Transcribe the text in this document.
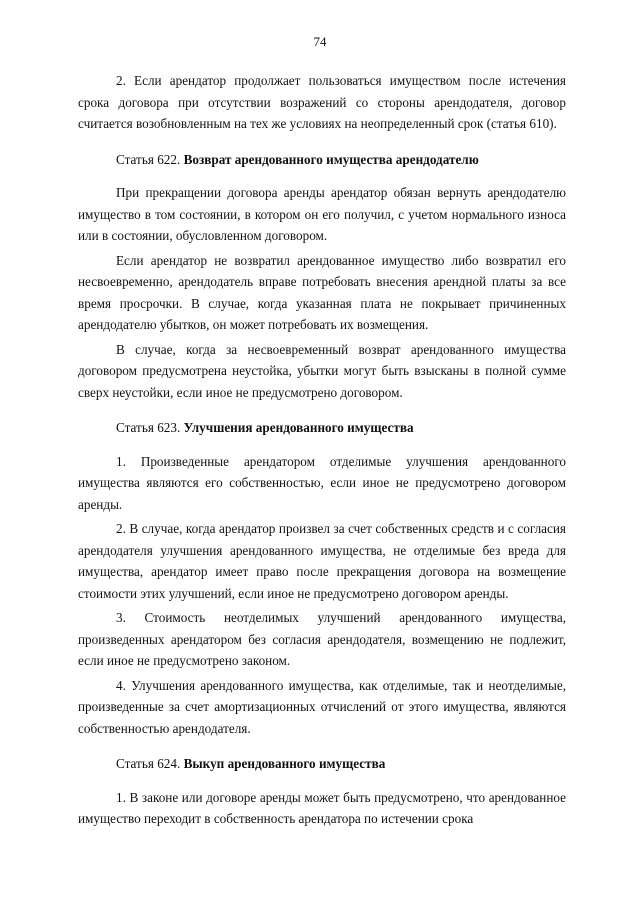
74

2. Если арендатор продолжает пользоваться имуществом после истечения срока договора при отсутствии возражений со стороны арендодателя, договор считается возобновленным на тех же условиях на неопределенный срок (статья 610).

Статья 622. Возврат арендованного имущества арендодателю

При прекращении договора аренды арендатор обязан вернуть арендодателю имущество в том состоянии, в котором он его получил, с учетом нормального износа или в состоянии, обусловленном договором.

Если арендатор не возвратил арендованное имущество либо возвратил его несвоевременно, арендодатель вправе потребовать внесения арендной платы за все время просрочки. В случае, когда указанная плата не покрывает причиненных арендодателю убытков, он может потребовать их возмещения.

В случае, когда за несвоевременный возврат арендованного имущества договором предусмотрена неустойка, убытки могут быть взысканы в полной сумме сверх неустойки, если иное не предусмотрено договором.

Статья 623. Улучшения арендованного имущества

1. Произведенные арендатором отделимые улучшения арендованного имущества являются его собственностью, если иное не предусмотрено договором аренды.

2. В случае, когда арендатор произвел за счет собственных средств и с согласия арендодателя улучшения арендованного имущества, не отделимые без вреда для имущества, арендатор имеет право после прекращения договора на возмещение стоимости этих улучшений, если иное не предусмотрено договором аренды.

3. Стоимость неотделимых улучшений арендованного имущества, произведенных арендатором без согласия арендодателя, возмещению не подлежит, если иное не предусмотрено законом.

4. Улучшения арендованного имущества, как отделимые, так и неотделимые, произведенные за счет амортизационных отчислений от этого имущества, являются собственностью арендодателя.

Статья 624. Выкуп арендованного имущества

1. В законе или договоре аренды может быть предусмотрено, что арендованное имущество переходит в собственность арендатора по истечении срока
